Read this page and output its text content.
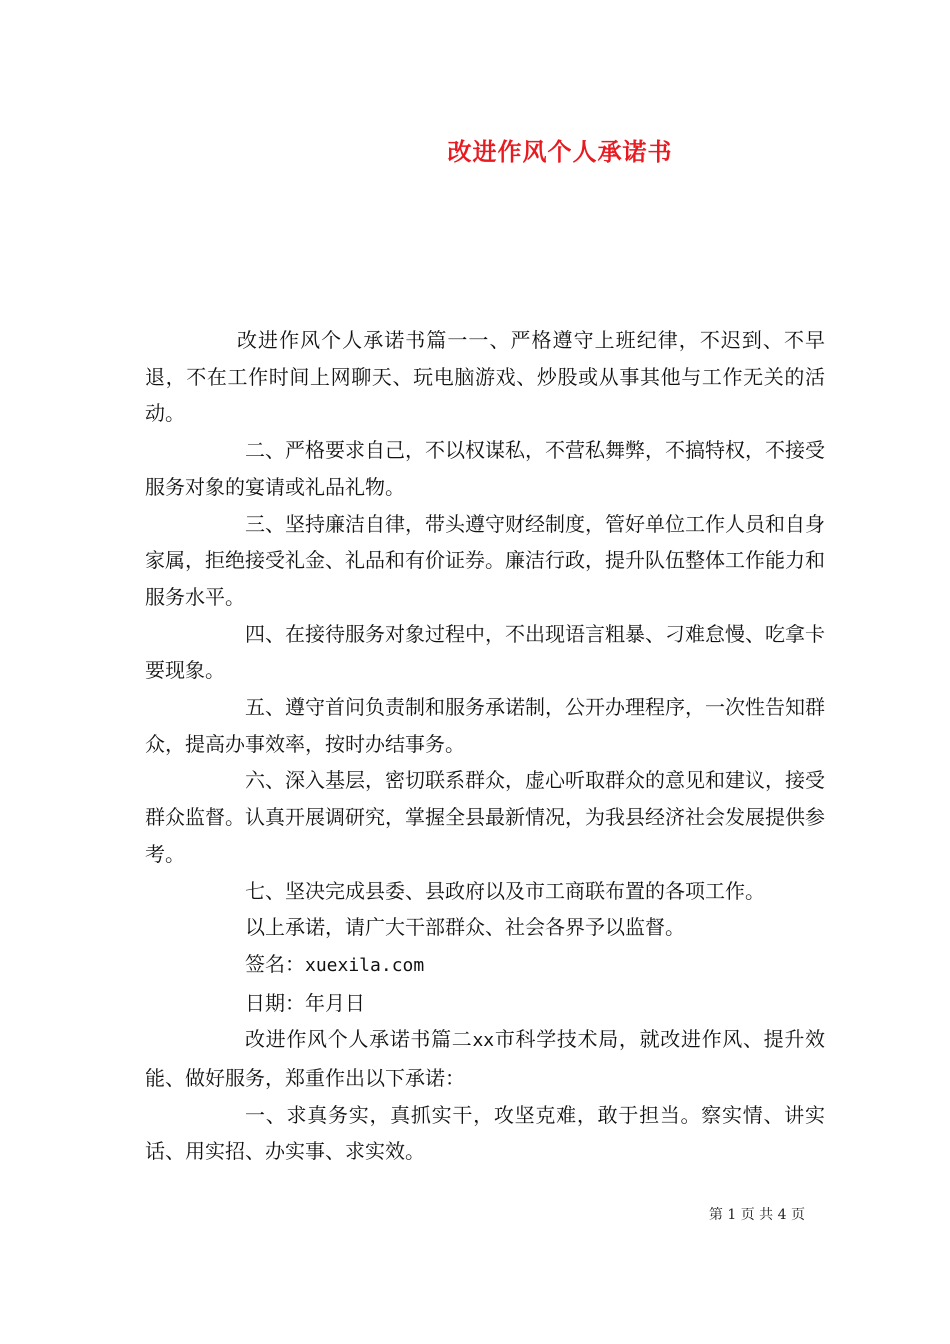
改进作风个人承诺书

改进作风个人承诺书篇一一、严格遵守上班纪律，不迟到、不早退，不在工作时间上网聊天、玩电脑游戏、炒股或从事其他与工作无关的活动。

二、严格要求自己，不以权谋私，不营私舞弊，不搞特权，不接受服务对象的宴请或礼品礼物。

三、坚持廉洁自律，带头遵守财经制度，管好单位工作人员和自身家属，拒绝接受礼金、礼品和有价证券。廉洁行政，提升队伍整体工作能力和服务水平。

四、在接待服务对象过程中，不出现语言粗暴、刁难怠慢、吃拿卡要现象。

五、遵守首问负责制和服务承诺制，公开办理程序，一次性告知群众，提高办事效率，按时办结事务。

六、深入基层，密切联系群众，虚心听取群众的意见和建议，接受群众监督。认真开展调研究，掌握全县最新情况，为我县经济社会发展提供参考。

七、坚决完成县委、县政府以及市工商联布置的各项工作。

以上承诺，请广大干部群众、社会各界予以监督。

签名：xuexila.com

日期：年月日

改进作风个人承诺书篇二xx市科学技术局，就改进作风、提升效能、做好服务，郑重作出以下承诺：

一、求真务实，真抓实干，攻坚克难，敢于担当。察实情、讲实话、用实招、办实事、求实效。

第 1 页 共 4 页
